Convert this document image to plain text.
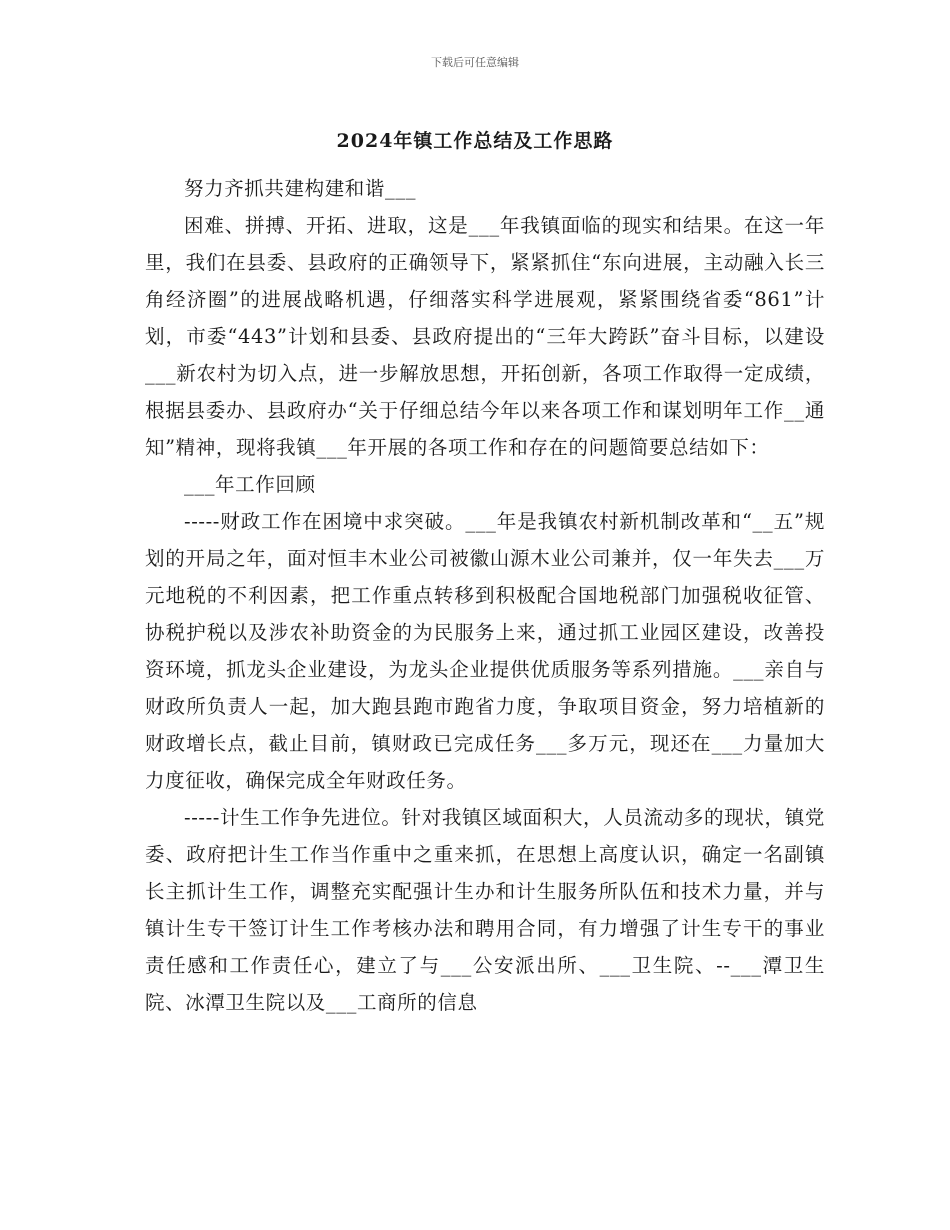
下载后可任意编辑
2024年镇工作总结及工作思路

努力齐抓共建构建和谐___

困难、拼搏、开拓、进取，这是___年我镇面临的现实和结果。在这一年里，我们在县委、县政府的正确领导下，紧紧抓住“东向进展，主动融入长三角经济圈”的进展战略机遇，仔细落实科学进展观，紧紧围绕省委“861”计划，市委“443”计划和县委、县政府提出的“三年大跨跃”奋斗目标，以建设___新农村为切入点，进一步解放思想，开拓创新，各项工作取得一定成绩，根据县委办、县政府办“关于仔细总结今年以来各项工作和谋划明年工作__通知”精神，现将我镇___年开展的各项工作和存在的问题简要总结如下：

___年工作回顾

-----财政工作在困境中求突破。___年是我镇农村新机制改革和“__五”规划的开局之年，面对恒丰木业公司被徽山源木业公司兼并，仅一年失去___万元地税的不利因素，把工作重点转移到积极配合国地税部门加强税收征管、协税护税以及涉农补助资金的为民服务上来，通过抓工业园区建设，改善投资环境，抓龙头企业建设，为龙头企业提供优质服务等系列措施。___亲自与财政所负责人一起，加大跑县跑市跑省力度，争取项目资金，努力培植新的财政增长点，截止目前，镇财政已完成任务___多万元，现还在___力量加大力度征收，确保完成全年财政任务。

-----计生工作争先进位。针对我镇区域面积大，人员流动多的现状，镇党委、政府把计生工作当作重中之重来抓，在思想上高度认识，确定一名副镇长主抓计生工作，调整充实配强计生办和计生服务所队伍和技术力量，并与镇计生专干签订计生工作考核办法和聘用合同，有力增强了计生专干的事业责任感和工作责任心，建立了与___公安派出所、___卫生院、--___潭卫生院、冰潭卫生院以及___工商所的信息
